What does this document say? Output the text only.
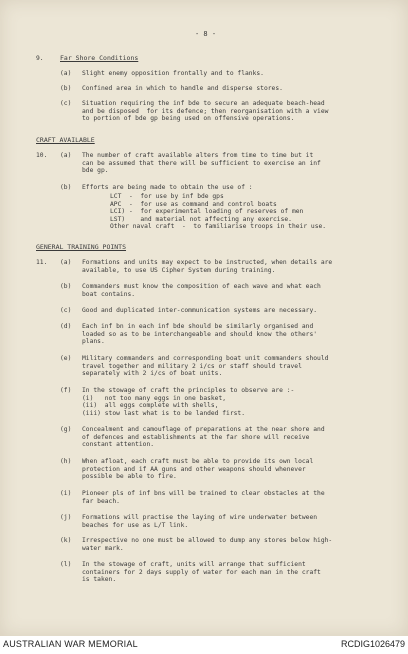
- 8 -
9.	Far Shore Conditions
(a) Slight enemy opposition frontally and to flanks.
(b) Confined area in which to handle and disperse stores.
(c) Situation requiring the inf bde to secure an adequate beach-head
and be disposed  for its defence; then reorganisation with a view
to portion of bde gp being used on offensive operations.
CRAFT AVAILABLE
10. (a) The number of craft available alters from time to time but it
can be assumed that there will be sufficient to exercise an inf
bde gp.
(b) Efforts are being made to obtain the use of :
LCT  -  for use by inf bde gps
APC  -  for use as command and control boats
LCI) -  for experimental loading of reserves of men
LST)    and material not affecting any exercise.
Other naval craft  -  to familiarise troops in their use.
GENERAL TRAINING POINTS
11. (a) Formations and units may expect to be instructed, when details are
available, to use US Cipher System during training.
(b) Commanders must know the composition of each wave and what each
boat contains.
(c) Good and duplicated inter-communication systems are necessary.
(d) Each inf bn in each inf bde should be similarly organised and
loaded so as to be interchangeable and should know the others'
plans.
(e) Military commanders and corresponding boat unit commanders should
travel together and military 2 i/cs or staff should travel
separately with 2 i/cs of boat units.
(f) In the stowage of craft the principles to observe are :-
(i)   not too many eggs in one basket,
(ii)  all eggs complete with shells,
(iii) stow last what is to be landed first.
(g) Concealment and camouflage of preparations at the near shore and
of defences and establishments at the far shore will receive
constant attention.
(h) When afloat, each craft must be able to provide its own local
protection and if AA guns and other weapons should whenever
possible be able to fire.
(i) Pioneer pls of inf bns will be trained to clear obstacles at the
far beach.
(j) Formations will practise the laying of wire underwater between
beaches for use as L/T link.
(k) Irrespective no one must be allowed to dump any stores below high-
water mark.
(l) In the stowage of craft, units will arrange that sufficient
containers for 2 days supply of water for each man in the craft
is taken.
AUSTRALIAN WAR MEMORIAL	RCDIG1026479
